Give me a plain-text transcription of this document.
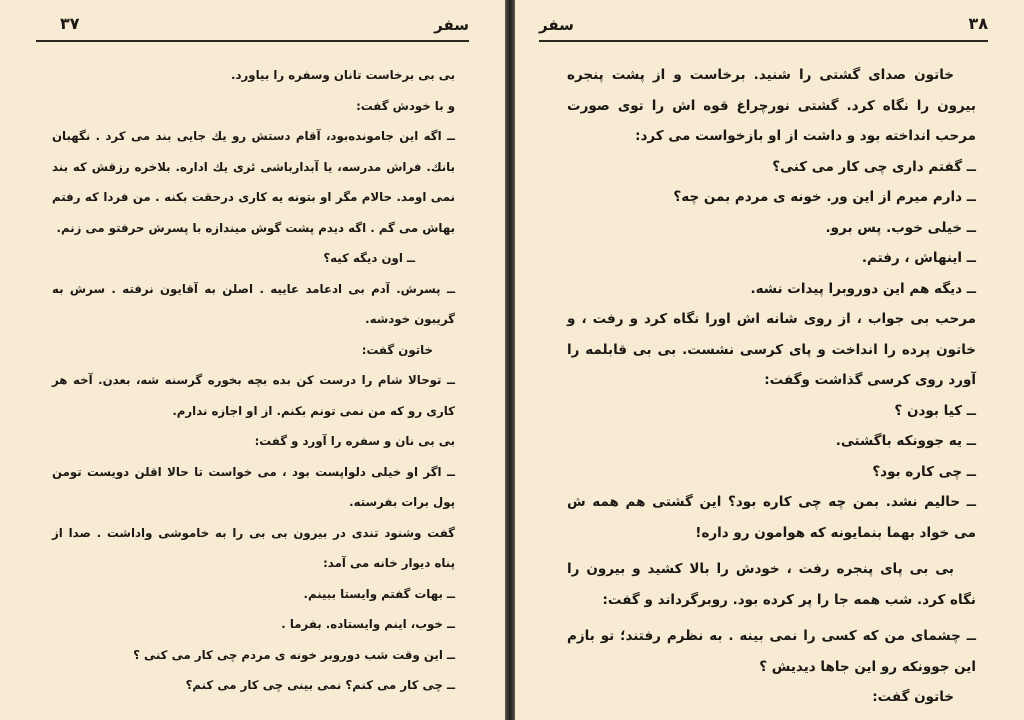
۳۷	سفر

بی بی برخاست تانان وسفره را بیاورد.

و با خودش گفت:

ــ اگه این جاموندەبود، آقام دستش رو یك جایی بند می کرد . نگهبان بانك. فراش مدرسه، یا آبدارباشی ئری یك اداره. بلاخره رزقش که بند نمی اومد. حالام مگر او بتونه یه کاری درحقت بکنه . من فردا که رفتم بهاش می گم . اگه دیدم پشت گوش میندازه با پسرش حرفتو می زنم.

ــ اون دیگه کیه؟

ــ پسرش. آدم بی ادعامد عاییه . اصلن به آقایون نرفته . سرش به گریبون خودشه.

خاتون گفت:

ــ توحالا شام را درست کن بده بچه بخوره گرسنه شه، بعدن. آخه هر کاری رو که من نمی تونم بکنم. از او اجازه ندارم.

بی بی نان و سفره را آورد و گفت:

ــ اگر او خیلی دلواپست بود ، می خواست تا حالا اقلن دویست تومن پول برات بفرسته.

گفت وشنود تندی در بیرون بی بی را به خاموشی واداشت . صدا از پناه دیوار خانه می آمد:

ــ بهات گفتم وایستا ببینم.

ــ خوب، اینم وایستاده. بفرما .

ــ این وقت شب دوروبر خونه ی مردم چی کار می کنی ؟

ــ چی کار می کنم؟ نمی بینی چی کار می کنم؟

سفر	۳۸

خاتون صدای گشتی را شنید. برخاست و از پشت پنجره بیرون را نگاه کرد. گشتی نورچراغ قوه اش را توی صورت مرحب انداخته بود و داشت از او بازخواست می کرد:

ــ گفتم داری چی کار می کنی؟

ــ دارم میرم از این ور. خونه ی مردم بمن چه؟

ــ خیلی خوب. پس برو.

ــ اینهاش ، رفتم.

ــ دیگه هم این دوروبرا پیدات نشه.

مرحب بی جواب ، از روی شانه اش اورا نگاه کرد و رفت ، و خاتون پرده را انداخت و پای کرسی نشست. بی بی قابلمه را آورد روی کرسی گذاشت وگفت:

ــ کیا بودن ؟

ــ یه جوونکه باگشتی.

ــ چی کاره بود؟

ــ حالیم نشد. بمن چه چی کاره بود؟ این گشتی هم همه ش می خواد بهما بنمایونه که هوامون رو داره!

بی بی پای پنجره رفت ، خودش را بالا کشید و بیرون را نگاه کرد. شب همه جا را پر کرده بود. روبرگرداند و گفت:

ــ چشمای من که کسی را نمی بینه . به نظرم رفتند؛ تو بازم این جوونکه رو این جاها دیدیش ؟

خاتون گفت:
